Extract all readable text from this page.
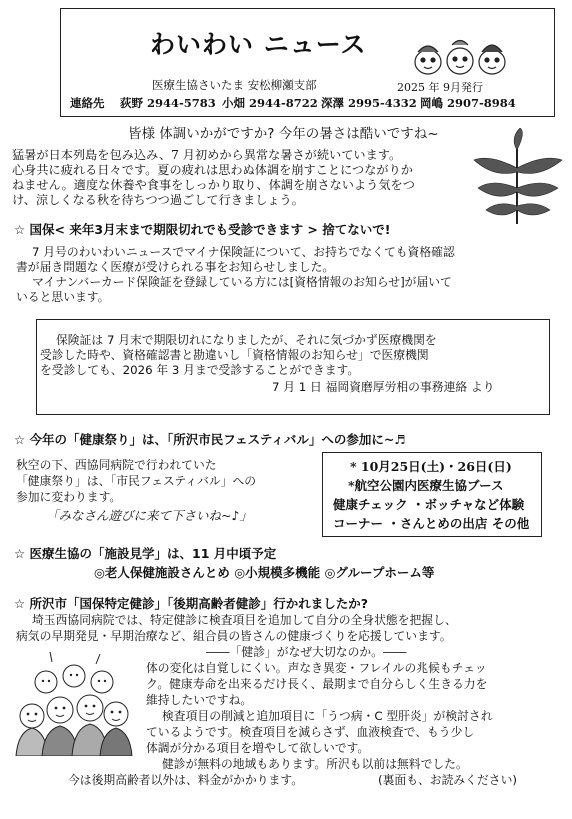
わいわい ニュース
医療生協さいたま 安松柳瀬支部	2025 年 9月発行
連絡先 荻野 2944-5783 小畑 2944-8722 深澤 2995-4332 岡嶋 2907-8984
皆様 体調いかがですか? 今年の暑さは酷いですね~
猛暑が日本列島を包み込み、7 月初めから異常な暑さが続いています。
心身共に疲れる日々です。夏の疲れは思わぬ体調を崩すことにつながりか
ねません。適度な休養や食事をしっかり取り、体調を崩さないよう気をつ
け、涼しくなる秋を待ちつつ過ごして行きましょう。
☆ 国保< 来年3月末まで期限切れでも受診できます > 捨てないで!
7 月号のわいわいニュースでマイナ保険証について、お持ちでなくても資格確認
書が届き問題なく医療が受けられる事をお知らせしました。
マイナンバーカード保険証を登録している方には[資格情報のお知らせ]が届いて
いると思います。
保険証は 7 月末で期限切れになりましたが、それに気づかず医療機関を
受診した時や、資格確認書と勘違いし「資格情報のお知らせ」で医療機関
を受診しても、2026 年 3 月まで受診することができます。
7 月 1 日 福岡資磨厚労相の事務連絡 より
☆ 今年の「健康祭り」は、「所沢市民フェスティバル」への参加に~♬
秋空の下、西協同病院で行われていた
「健康祭り」は、「市民フェスティバル」への
参加に変わります。
「みなさん遊びに来て下さいね~♪」
* 10月25日(土)・26日(日)
*航空公園内医療生協ブース
健康チェック ・ボッチャなど体験
コーナー ・さんとめの出店 その他
☆ 医療生協の「施設見学」は、11 月中頃予定
◎老人保健施設さんとめ ◎小規模多機能 ◎グループホーム等
☆ 所沢市「国保特定健診」「後期高齢者健診」行かれましたか?
埼玉西協同病院では、特定健診に検査項目を追加して自分の全身状態を把握し、
病気の早期発見・早期治療など、組合員の皆さんの健康づくりを応援しています。
――「健診」がなぜ大切なのか。――
体の変化は自覚しにくい。声なき異変・フレイルの兆候もチェッ
ク。健康寿命を出来るだけ長く、最期まで自分らしく生きる力を
維持したいですね。
検査項目の削減と追加項目に「うつ病・C 型肝炎」が検討され
ているようです。検査項目を減らさず、血液検査で、もう少し
体調が分かる項目を増やして欲しいです。
健診が無料の地域もあります。所沢も以前は無料でした。
今は後期高齢者以外は、料金がかかります。	(裏面も、お読みください)
